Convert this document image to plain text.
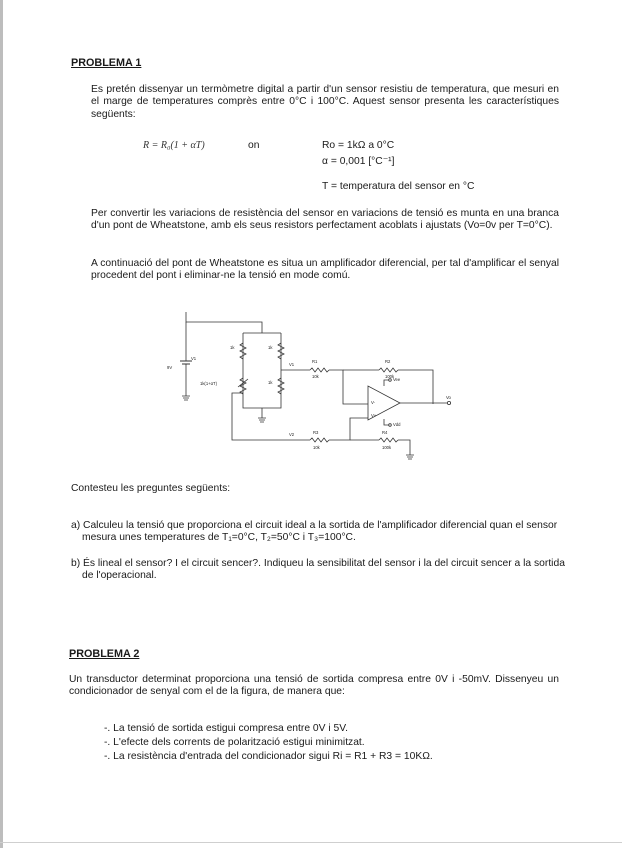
PROBLEMA 1
Es pretén dissenyar un termòmetre digital a partir d'un sensor resistiu de temperatura, que mesuri en el marge de temperatures comprès entre 0°C i 100°C. Aquest sensor presenta les característiques següents:
R = R₀(1 + αT)	on	Ro = 1kΩ a 0°C
α = 0,001 [°C⁻¹]
T = temperatura del sensor en °C
Per convertir les variacions de resistència del sensor en variacions de tensió es munta en una branca d'un pont de Wheatstone, amb els seus resistors perfectament acoblats i ajustats (Vo=0v per T=0°C).
A continuació del pont de Wheatstone es situa un amplificador diferencial, per tal d'amplificar el senyal procedent del pont i eliminar-ne la tensió en mode comú.
9V
V1
1k(1+αT)
1k	1k
1k
V1
V2
R1
10k
R2
100k
R3
10k
R4
100k
Vee
Vdd
Vo
V-
V+
Contesteu les preguntes següents:
a) Calculeu la tensió que proporciona el circuit ideal a la sortida de l'amplificador diferencial quan el sensor mesura unes temperatures de T₁=0°C, T₂=50°C i T₃=100°C.
b) És lineal el sensor? I el circuit sencer?. Indiqueu la sensibilitat del sensor i la del circuit sencer a la sortida de l'operacional.
PROBLEMA 2
Un transductor determinat proporciona una tensió de sortida compresa entre 0V i -50mV. Dissenyeu un condicionador de senyal com el de la figura, de manera que:
-. La tensió de sortida estigui compresa entre 0V i 5V.
-. L'efecte dels corrents de polarització estigui minimitzat.
-. La resistència d'entrada del condicionador sigui Ri = R1 + R3 = 10KΩ.
